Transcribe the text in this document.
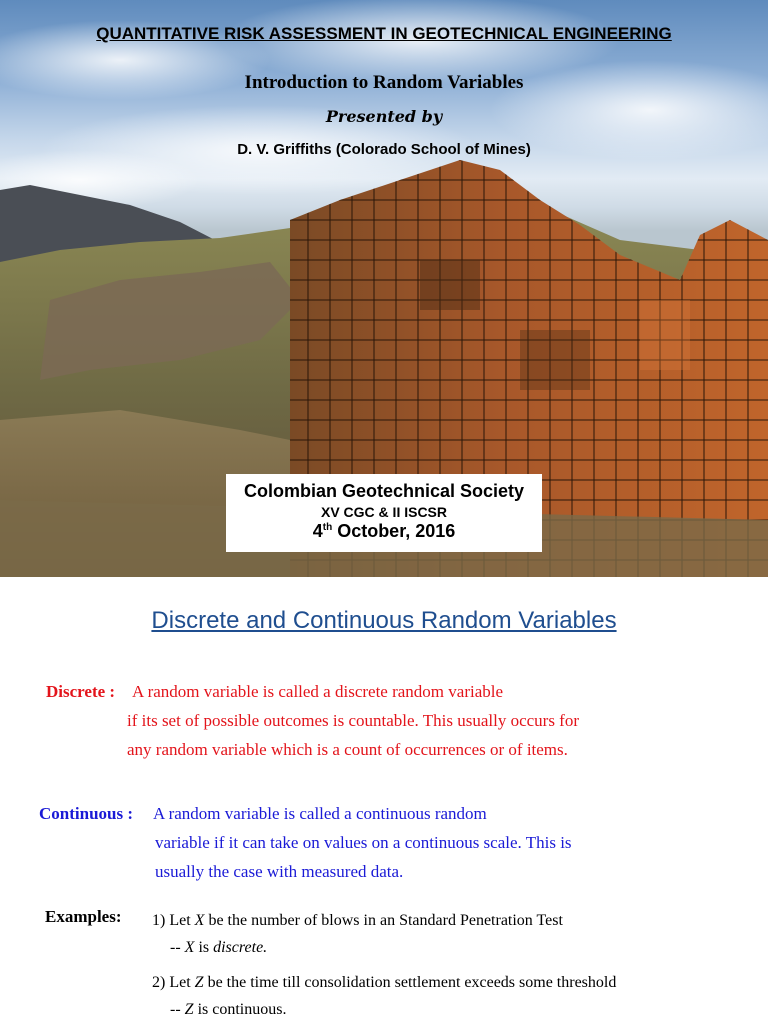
QUANTITATIVE RISK ASSESSMENT IN GEOTECHNICAL ENGINEERING
Introduction to Random Variables
Presented by
D. V. Griffiths (Colorado School of Mines)
Colombian Geotechnical Society
XV CGC & II ISCSR
4th October, 2016
Discrete and Continuous Random Variables
Discrete : A random variable is called a discrete random variable
if its set of possible outcomes is countable. This usually occurs for
any random variable which is a count of occurrences or of items.
Continuous : A random variable is called a continuous random
variable if it can take on values on a continuous scale. This is
usually the case with measured data.
Examples: 1) Let X be the number of blows in an Standard Penetration Test
-- X is discrete.
2) Let Z be the time till consolidation settlement exceeds some threshold
-- Z is continuous.
